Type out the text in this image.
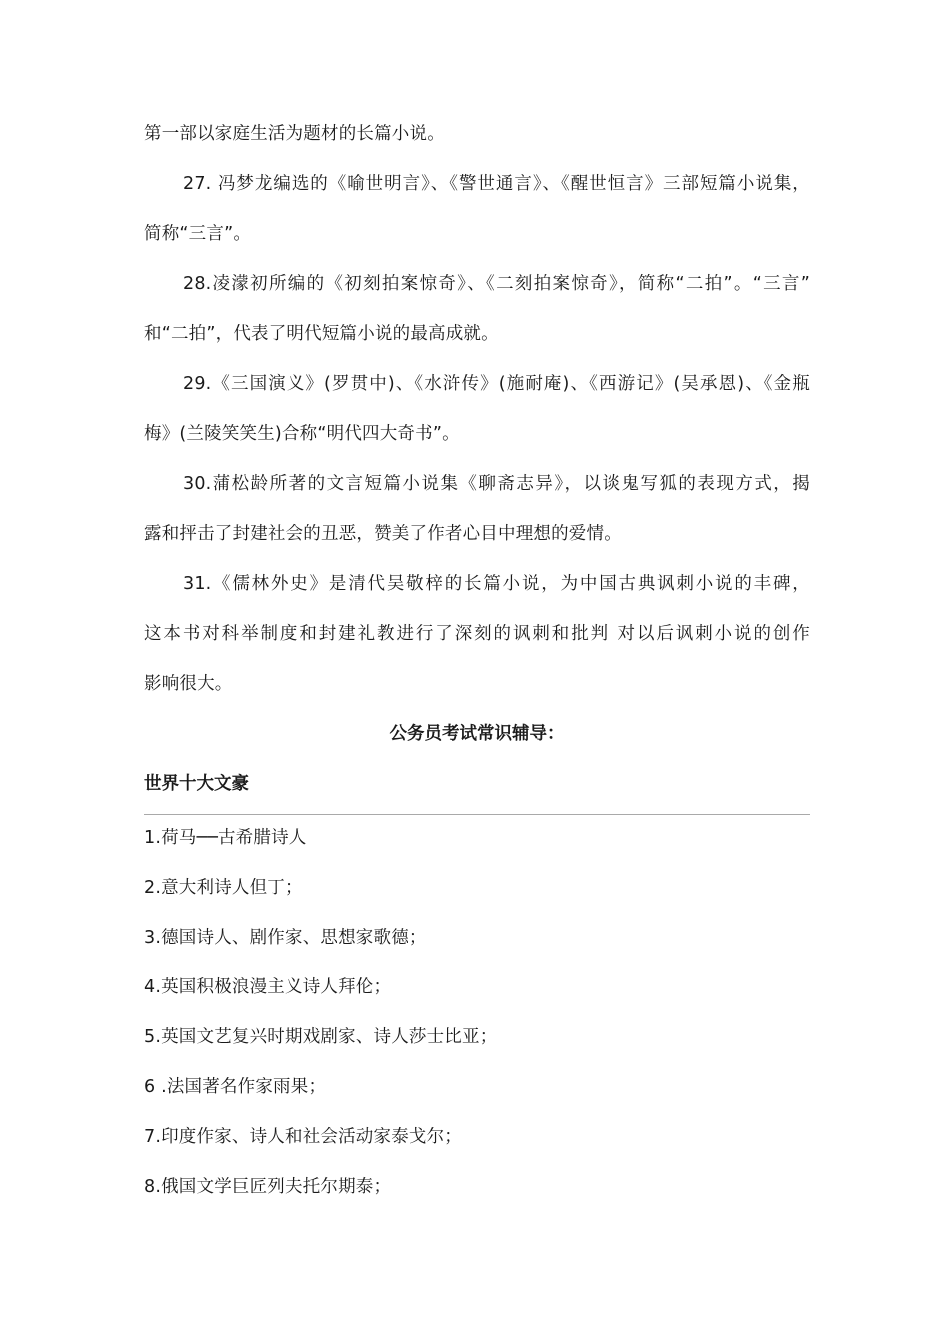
第一部以家庭生活为题材的长篇小说。
27. 冯梦龙编选的《喻世明言》、《警世通言》、《醒世恒言》三部短篇小说集，
简称“三言”。
28.凌濛初所编的《初刻拍案惊奇》、《二刻拍案惊奇》，简称“二拍”。“三言”
和“二拍”，代表了明代短篇小说的最高成就。
29.《三国演义》(罗贯中)、《水浒传》(施耐庵)、《西游记》(吴承恩)、《金瓶
梅》(兰陵笑笑生)合称“明代四大奇书”。
30.蒲松龄所著的文言短篇小说集《聊斋志异》，以谈鬼写狐的表现方式，揭
露和抨击了封建社会的丑恶，赞美了作者心目中理想的爱情。
31.《儒林外史》是清代吴敬梓的长篇小说，为中国古典讽刺小说的丰碑，
这本书对科举制度和封建礼教进行了深刻的讽刺和批判 对以后讽刺小说的创作
影响很大。
公务员考试常识辅导：
世界十大文豪
1.荷马──古希腊诗人
2.意大利诗人但丁；
3.德国诗人、剧作家、思想家歌德；
4.英国积极浪漫主义诗人拜伦；
5.英国文艺复兴时期戏剧家、诗人莎士比亚；
6 .法国著名作家雨果；
7.印度作家、诗人和社会活动家泰戈尔；
8.俄国文学巨匠列夫托尔期泰；
